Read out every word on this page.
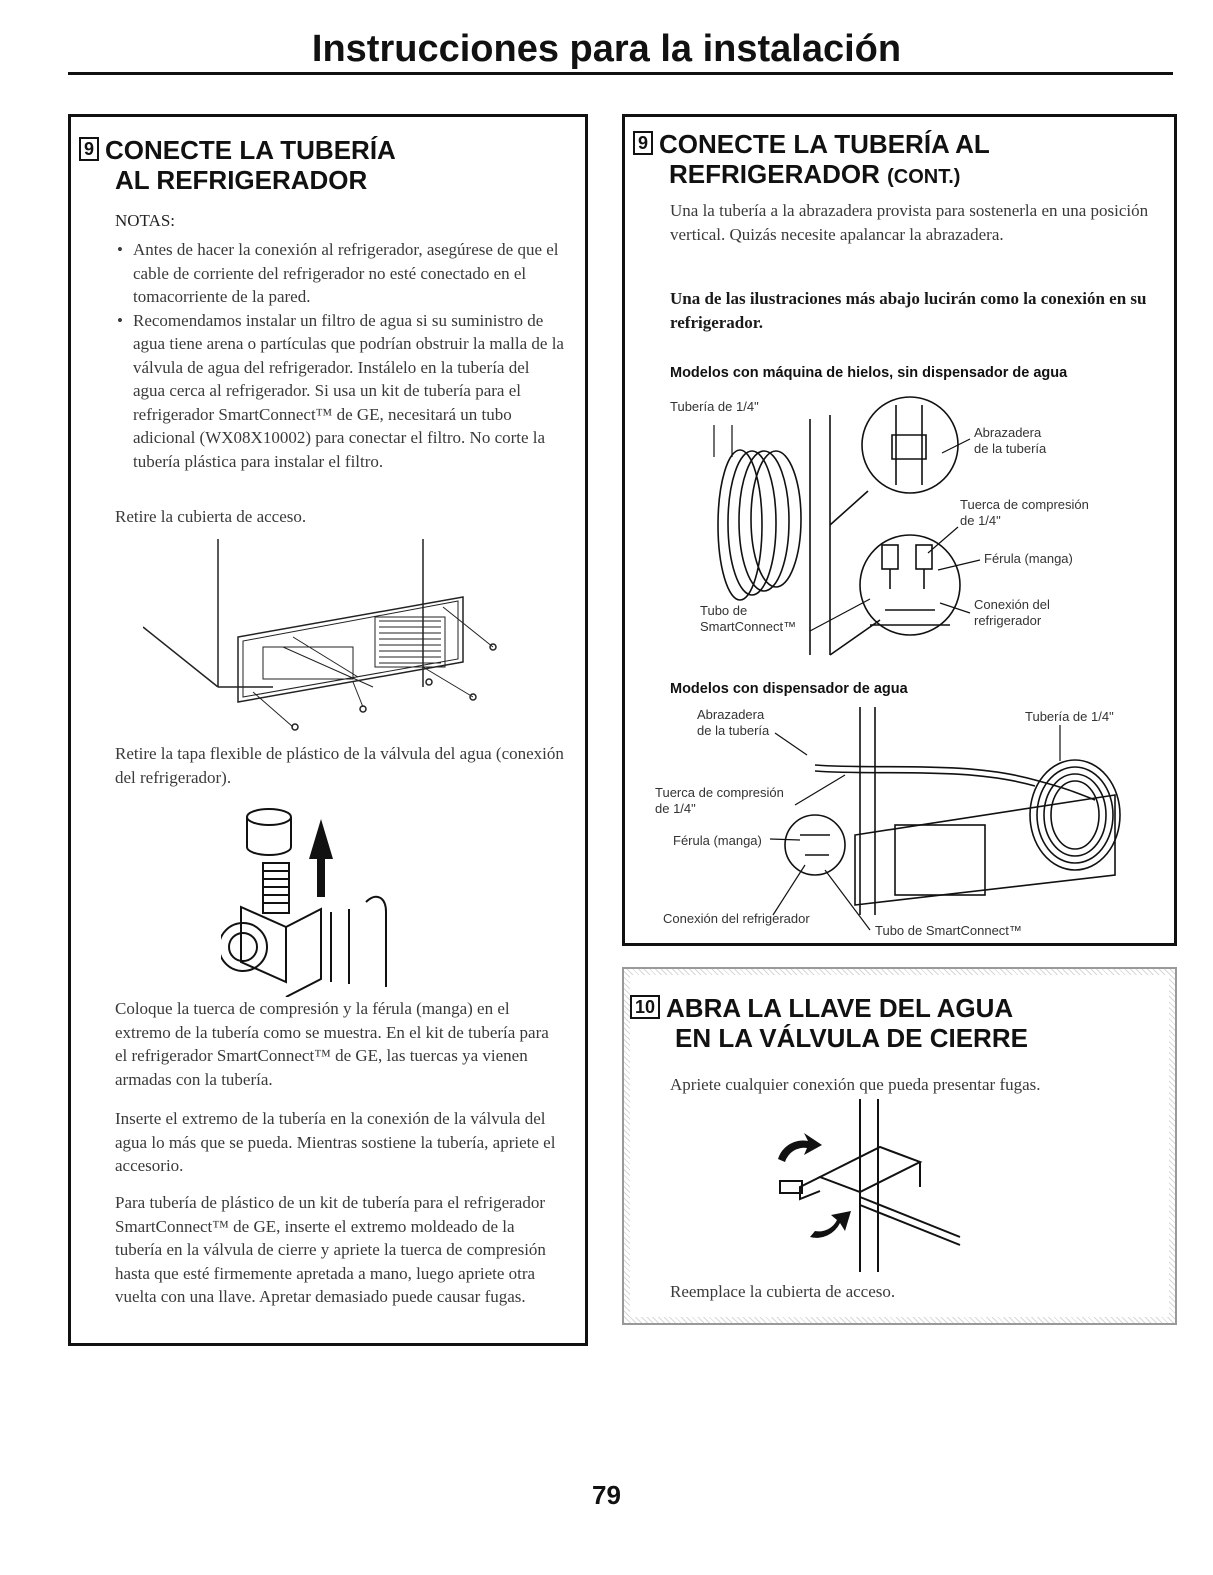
Instrucciones para la instalación
9 CONECTE LA TUBERÍA
AL REFRIGERADOR

NOTAS:

• Antes de hacer la conexión al refrigerador, asegúrese de que el cable de corriente del refrigerador no esté conectado en el tomacorriente de la pared.
• Recomendamos instalar un filtro de agua si su suministro de agua tiene arena o partículas que podrían obstruir la malla de la válvula de agua del refrigerador. Instálelo en la tubería del agua cerca al refrigerador. Si usa un kit de tubería para el refrigerador SmartConnect™ de GE, necesitará un tubo adicional (WX08X10002) para conectar el filtro. No corte la tubería plástica para instalar el filtro.

Retire la cubierta de acceso.

Retire la tapa flexible de plástico de la válvula del agua (conexión del refrigerador).

Coloque la tuerca de compresión y la férula (manga) en el extremo de la tubería como se muestra. En el kit de tubería para el refrigerador SmartConnect™ de GE, las tuercas ya vienen armadas con la tubería.

Inserte el extremo de la tubería en la conexión de la válvula del agua lo más que se pueda. Mientras sostiene la tubería, apriete el accesorio.

Para tubería de plástico de un kit de tubería para el refrigerador SmartConnect™ de GE, inserte el extremo moldeado de la tubería en la válvula de cierre y apriete la tuerca de compresión hasta que esté firmemente apretada a mano, luego apriete otra vuelta con una llave. Apretar demasiado puede causar fugas.

9 CONECTE LA TUBERÍA AL
REFRIGERADOR (CONT.)

Una la tubería a la abrazadera provista para sostenerla en una posición vertical. Quizás necesite apalancar la abrazadera.

Una de las ilustraciones más abajo lucirán como la conexión en su refrigerador.

Modelos con máquina de hielos, sin dispensador de agua

Tubería de 1/4"
Abrazadera
de la tubería
Tuerca de compresión
de 1/4"
Férula (manga)
Conexión del
refrigerador
Tubo de
SmartConnect™

Modelos con dispensador de agua

Abrazadera
de la tubería
Tubería de 1/4"
Tuerca de compresión
de 1/4"
Férula (manga)
Conexión del refrigerador
Tubo de SmartConnect™
10 ABRA LA LLAVE DEL AGUA
EN LA VÁLVULA DE CIERRE

Apriete cualquier conexión que pueda presentar fugas.

Reemplace la cubierta de acceso.

79
